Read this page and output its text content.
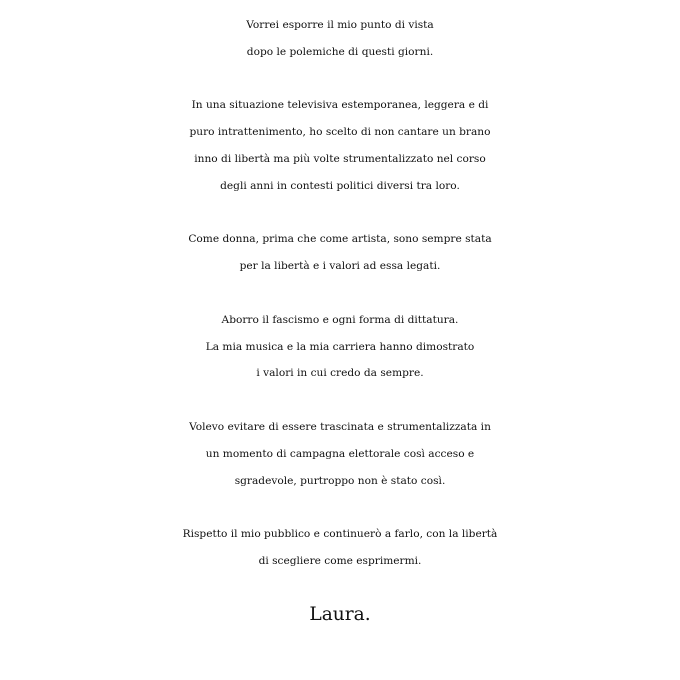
Vorrei esporre il mio punto di vista
dopo le polemiche di questi giorni.

In una situazione televisiva estemporanea, leggera e di
puro intrattenimento, ho scelto di non cantare un brano
inno di libertà ma più volte strumentalizzato nel corso
degli anni in contesti politici diversi tra loro.

Come donna, prima che come artista, sono sempre stata
per la libertà e i valori ad essa legati.

Aborro il fascismo e ogni forma di dittatura.
La mia musica e la mia carriera hanno dimostrato
i valori in cui credo da sempre.

Volevo evitare di essere trascinata e strumentalizzata in
un momento di campagna elettorale così acceso e
sgradevole, purtroppo non è stato così.

Rispetto il mio pubblico e continuerò a farlo, con la libertà
di scegliere come esprimermi.

Laura.
